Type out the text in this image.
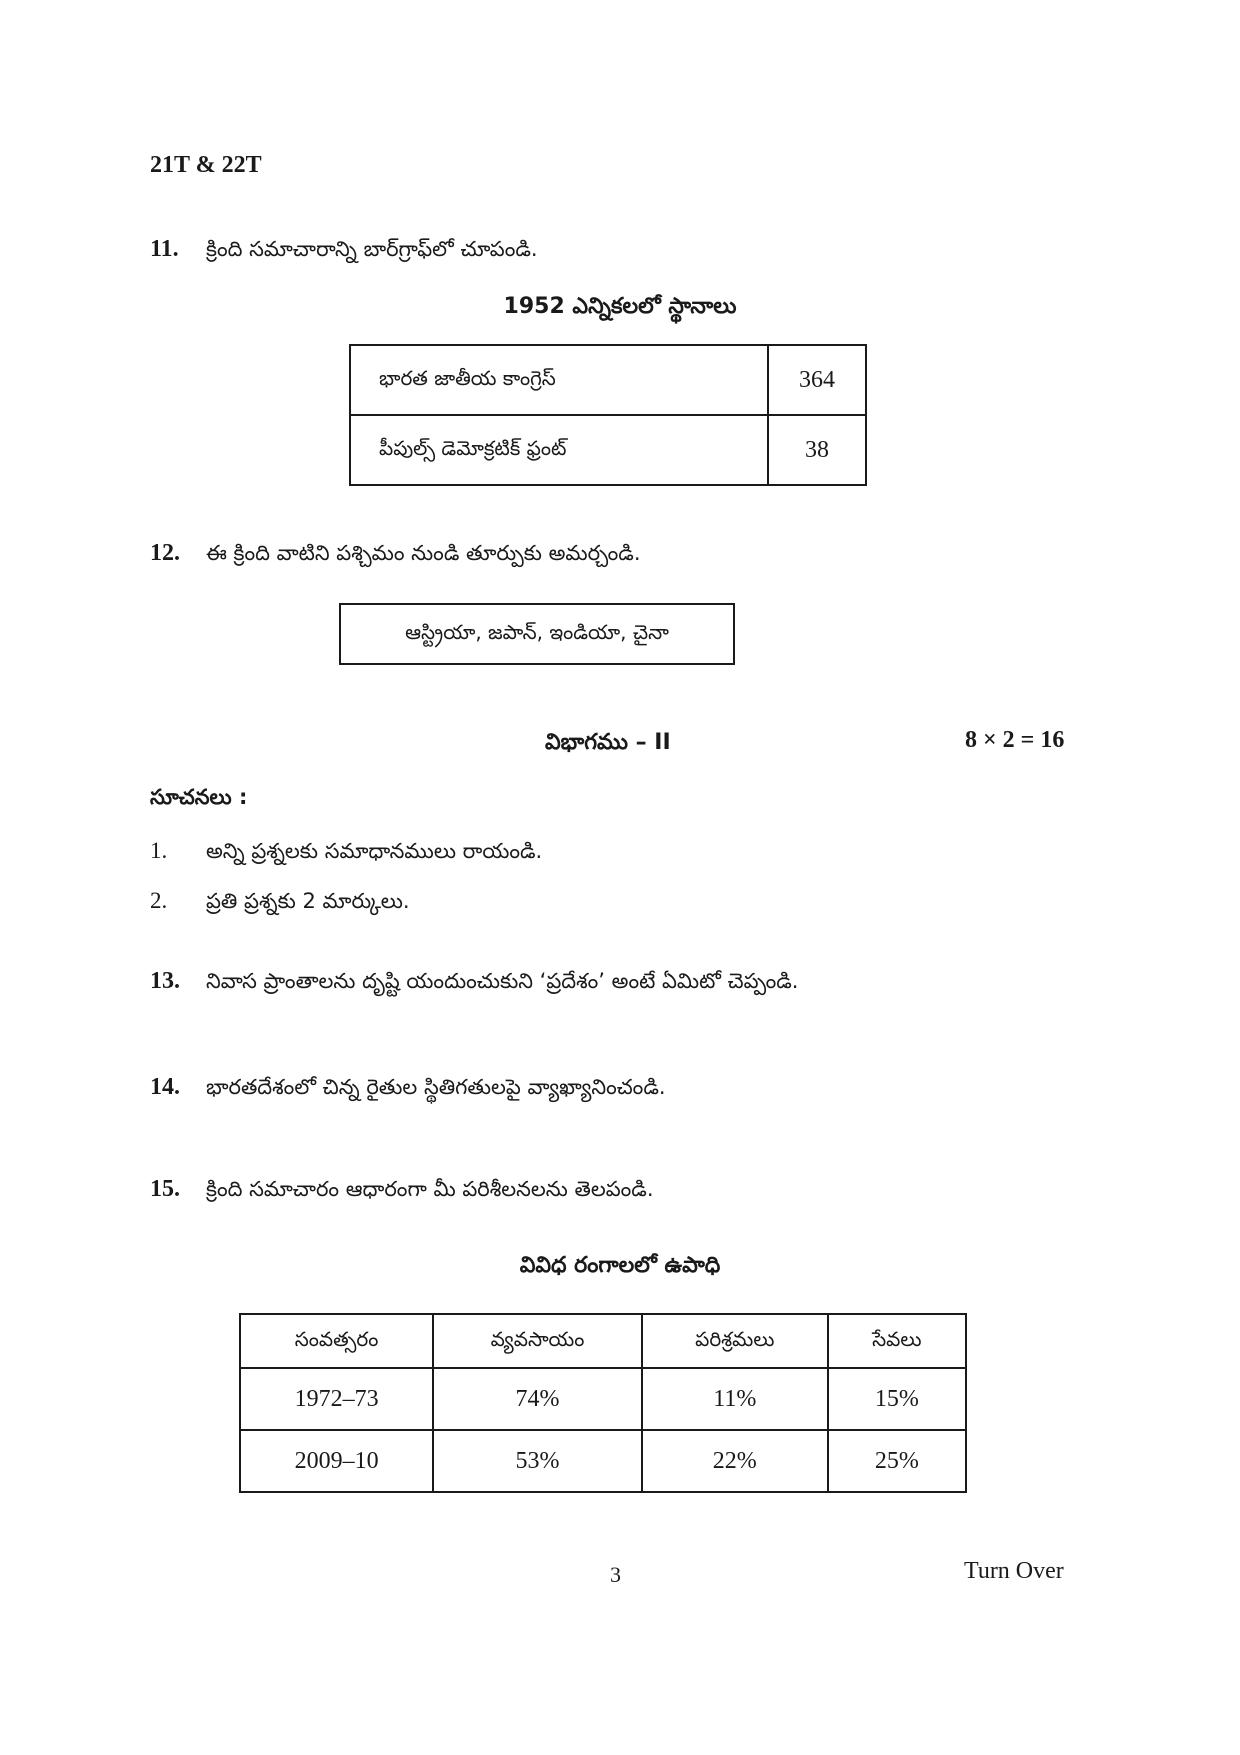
21T & 22T
11. క్రింది సమాచారాన్ని బార్‌గ్రాఫ్‌లో చూపండి.
1952 ఎన్నికలలో స్థానాలు
భారత జాతీయ కాంగ్రెస్	364
పీపుల్స్ డెమోక్రటిక్ ఫ్రంట్	38
12. ఈ క్రింది వాటిని పశ్చిమం నుండి తూర్పుకు అమర్చండి.
ఆస్ట్రియా, జపాన్, ఇండియా, చైనా
విభాగము – II	8 × 2 = 16
సూచనలు :
1. అన్ని ప్రశ్నలకు సమాధానములు రాయండి.
2. ప్రతి ప్రశ్నకు 2 మార్కులు.
13. నివాస ప్రాంతాలను దృష్టి యందుంచుకుని ‘ప్రదేశం’ అంటే ఏమిటో చెప్పండి.
14. భారతదేశంలో చిన్న రైతుల స్థితిగతులపై వ్యాఖ్యానించండి.
15. క్రింది సమాచారం ఆధారంగా మీ పరిశీలనలను తెలపండి.
వివిధ రంగాలలో ఉపాధి
సంవత్సరం	వ్యవసాయం	పరిశ్రమలు	సేవలు
1972–73	74%	11%	15%
2009–10	53%	22%	25%
3	Turn Over
